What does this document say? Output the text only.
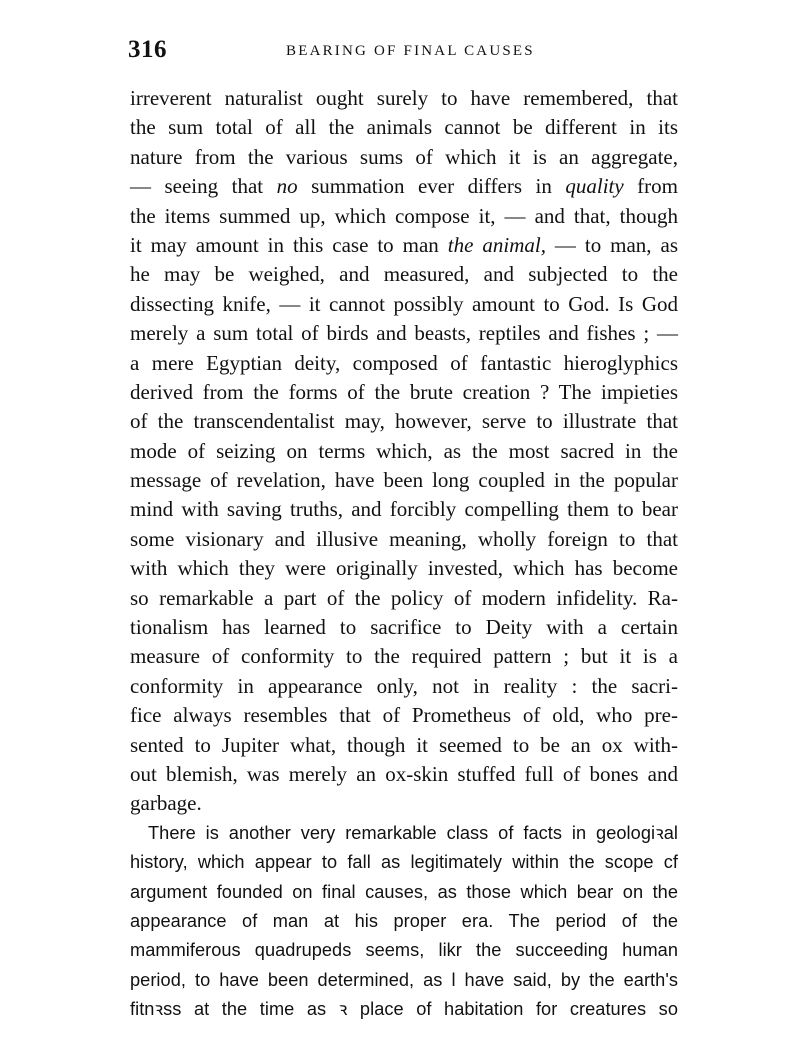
316	BEARING OF FINAL CAUSES
irreverent naturalist ought surely to have remembered, that
the sum total of all the animals cannot be different in its
nature from the various sums of which it is an aggregate,
— seeing that no summation ever differs in quality from
the items summed up, which compose it, — and that, though
it may amount in this case to man the animal, — to man, as
he may be weighed, and measured, and subjected to the
dissecting knife, — it cannot possibly amount to God. Is God
merely a sum total of birds and beasts, reptiles and fishes ; —
a mere Egyptian deity, composed of fantastic hieroglyphics
derived from the forms of the brute creation ? The impieties
of the transcendentalist may, however, serve to illustrate that
mode of seizing on terms which, as the most sacred in the
message of revelation, have been long coupled in the popular
mind with saving truths, and forcibly compelling them to bear
some visionary and illusive meaning, wholly foreign to that
with which they were originally invested, which has become
so remarkable a part of the policy of modern infidelity. Ra-
tionalism has learned to sacrifice to Deity with a certain
measure of conformity to the required pattern ; but it is a
conformity in appearance only, not in reality : the sacri-
fice always resembles that of Prometheus of old, who pre-
sented to Jupiter what, though it seemed to be an ox with-
out blemish, was merely an ox-skin stuffed full of bones and
garbage.
There is another very remarkable class of facts in geologiꝛal
history, which appear to fall as legitimately within the scope cf
argument founded on final causes, as those which bear on the
appearance of man at his proper era. The period of the
mammiferous quadrupeds seems, likr the succeeding human
period, to have been determined, as l have said, by the earth's
fitnꝛss at the time as ꝛ place of habitation for creatures so
